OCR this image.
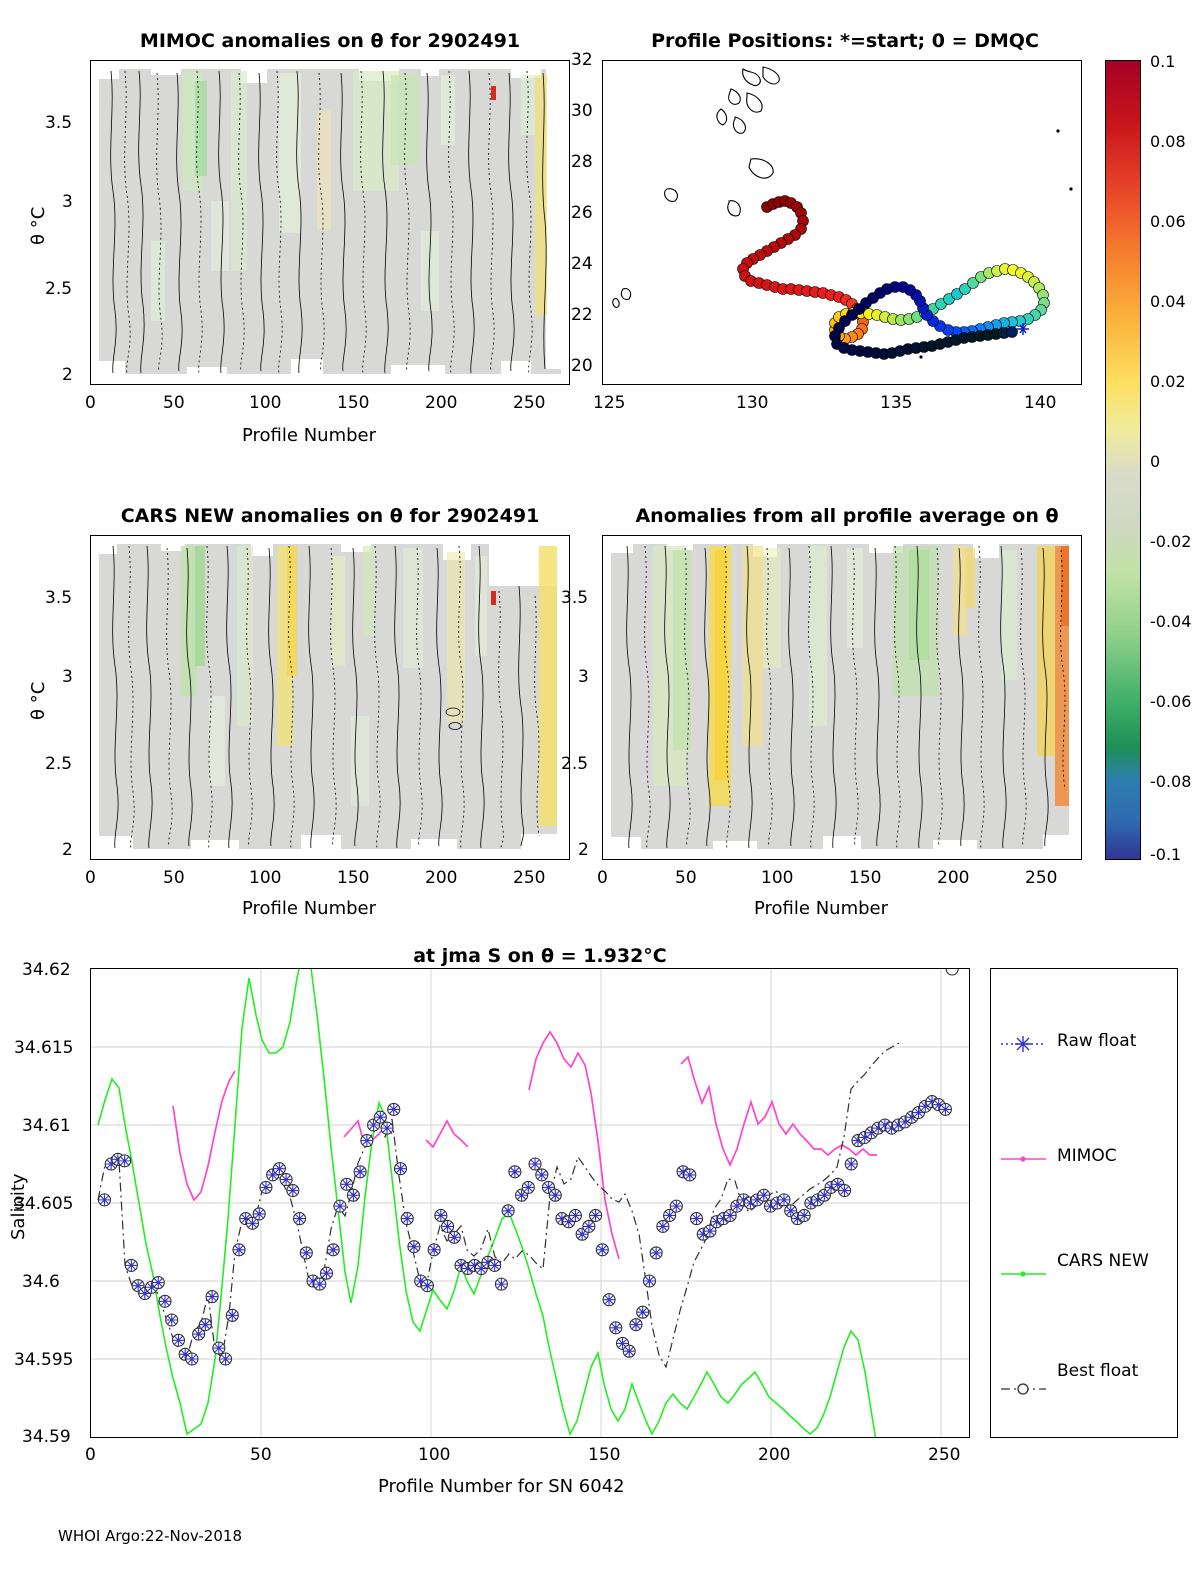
MIMOC anomalies on θ for 2902491
0	50	100	150	200	250
Profile Number
2
2.5
3
3.5
θ °C
Profile Positions: *=start; 0 = DMQC
125	130	135	140
20
22
24
26
28
30
32
CARS NEW anomalies on θ for 2902491
0	50	100	150	200	250
Profile Number
2
2.5
3
3.5
θ °C
Anomalies from all profile average on θ
0	50	100	150	200	250
Profile Number
2
2.5
3
3.5
0.1
0.08
0.06
0.04
0.02
0
-0.02
-0.04
-0.06
-0.08
-0.1
at jma S on θ = 1.932°C
34.59
34.595
34.6
34.605
34.61
34.615
34.62
0	50	100	150	200	250
Profile Number for SN 6042
Salinity
Raw float
MIMOC
CARS NEW
Best float
WHOI Argo:22-Nov-2018
